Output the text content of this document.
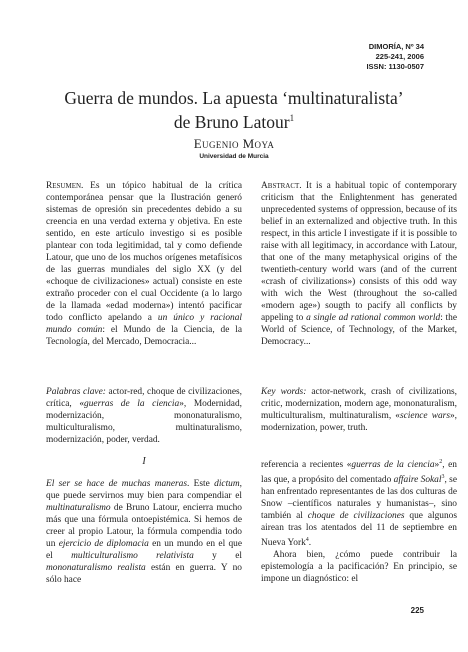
DIMORÍA, Nº 34
225-241, 2006
ISSN: 1130-0507
Guerra de mundos. La apuesta ‘multinaturalista’
de Bruno Latour$^1$
Eugenio Moya
Universidad de Murcia

Resumen. Es un tópico habitual de la crítica contemporánea pensar que la Ilustración generó sistemas de opresión sin precedentes debido a su creencia en una verdad externa y objetiva. En este sentido, en este artículo investigo si es posible plantear con toda legitimidad, tal y como defiende Latour, que uno de los muchos orígenes metafísicos de las guerras mundiales del siglo XX (y del «choque de civilizaciones» actual) consiste en este extraño proceder con el cual Occidente (a lo largo de la llamada «edad moderna») intentó pacificar todo conflicto apelando a un único y racional mundo común: el Mundo de la Ciencia, de la Tecnología, del Mercado, Democracia...

Palabras clave: actor-red, choque de civilizaciones, crítica, «guerras de la ciencia», Modernidad, modernización, mononaturalismo, multiculturalismo, multinaturalismo, modernización, poder, verdad.

Abstract. It is a habitual topic of contemporary criticism that the Enlightenment has generated unprecedented systems of oppression, because of its belief in an externalized and objective truth. In this respect, in this article I investigate if it is possible to raise with all legitimacy, in accordance with Latour, that one of the many metaphysical origins of the twentieth-century world wars (and of the current «crash of civilizations») consists of this odd way with wich the West (throughout the so-called «modern age») sougth to pacify all conflicts by appeling to a single ad rational common world: the World of Science, of Technology, of the Market, Democracy...

Key words: actor-network, crash of civilizations, critic, modernization, modern age, mononaturalism, multiculturalism, multinaturalism, «science wars», modernization, power, truth.

I

El ser se hace de muchas maneras. Este dictum, que puede servirnos muy bien para compendiar el multinaturalismo de Bruno Latour, encierra mucho más que una fórmula ontoepistémica. Si hemos de creer al propio Latour, la fórmula compendia todo un ejercicio de diplomacia en un mundo en el que el multiculturalismo relativista y el mononaturalismo realista están en guerra. Y no sólo hace

referencia a recientes «guerras de la ciencia»$^2$, en las que, a propósito del comentado affaire Sokal$^3$, se han enfrentado representantes de las dos culturas de Snow –científicos naturales y humanistas–, sino también al choque de civilizaciones que algunos airean tras los atentados del 11 de septiembre en Nueva York$^4$.

Ahora bien, ¿cómo puede contribuir la epistemología a la pacificación? En principio, se impone un diagnóstico: el

225
